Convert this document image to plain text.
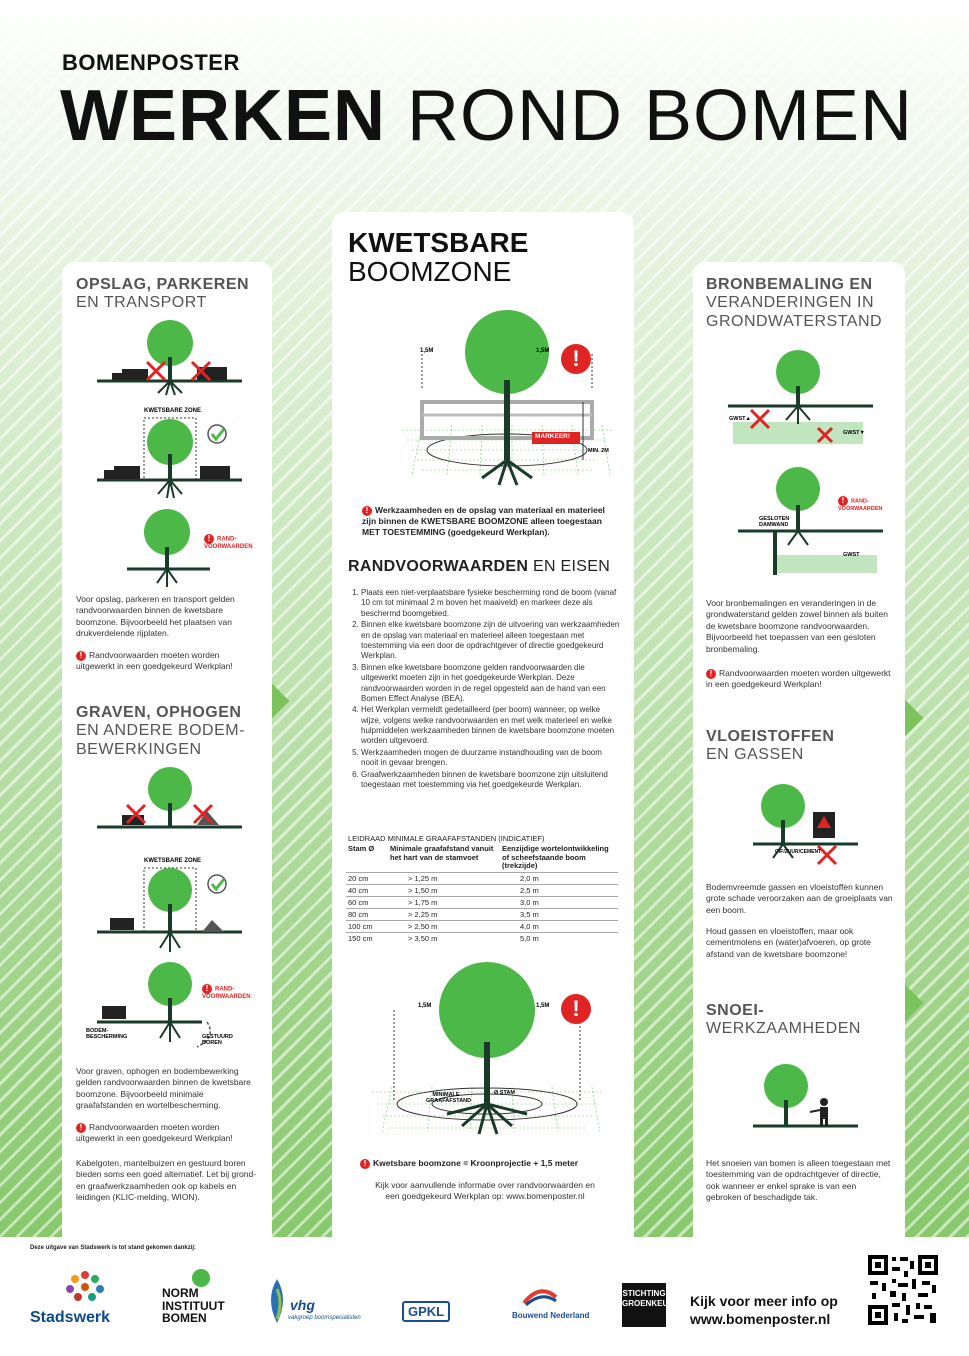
BOMENPOSTER
WERKEN ROND BOMEN
OPSLAG, PARKEREN
EN TRANSPORT
KWETSBARE ZONE
! RAND-VOORWAARDEN
Voor opslag, parkeren en transport gelden randvoorwaarden binnen de kwetsbare boomzone. Bijvoorbeeld het plaatsen van drukverdelende rijplaten.
! Randvoorwaarden moeten worden uitgewerkt in een goedgekeurd Werkplan!
GRAVEN, OPHOGEN
EN ANDERE BODEM-BEWERKINGEN
KWETSBARE ZONE
! RAND-VOORWAARDEN
BODEM-BESCHERMING	GESTUURD BOREN
Voor graven, ophogen en bodembewerking gelden randvoorwaarden binnen de kwetsbare boomzone. Bijvoorbeeld minimale graafafstanden en wortelbescherming.
! Randvoorwaarden moeten worden uitgewerkt in een goedgekeurd Werkplan!
Kabelgoten, mantelbuizen en gestuurd boren bieden soms een goed alternatief. Let bij grond- en graafwerkzaamheden ook op kabels en leidingen (KLIC-melding, WION).
KWETSBARE
BOOMZONE
1,5M	1,5M	!
MARKEER!
MIN. 2M
! Werkzaamheden en de opslag van materiaal en materieel zijn binnen de KWETSBARE BOOMZONE alleen toegestaan MET TOESTEMMING (goedgekeurd Werkplan).
RANDVOORWAARDEN EN EISEN
1. Plaats een niet-verplaatsbare fysieke bescherming rond de boom (vanaf 10 cm tot minimaal 2 m boven het maaiveld) en markeer deze als beschermd boomgebied.
2. Binnen elke kwetsbare boomzone zijn de uitvoering van werkzaamheden en de opslag van materiaal en materieel alleen toegestaan met toestemming via een door de opdrachtgever of directie goedgekeurd Werkplan.
3. Binnen elke kwetsbare boomzone gelden randvoorwaarden die uitgewerkt moeten zijn in het goedgekeurde Werkplan. Deze randvoorwaarden worden in de regel opgesteld aan de hand van een Bomen Effect Analyse (BEA).
4. Het Werkplan vermeldt gedetailleerd (per boom) wanneer, op welke wijze, volgens welke randvoorwaarden en met welk materieel en welke hulpmiddelen werkzaamheden binnen de kwetsbare boomzone moeten worden uitgevoerd.
5. Werkzaamheden mogen de duurzame instandhouding van de boom nooit in gevaar brengen.
6. Graafwerkzaamheden binnen de kwetsbare boomzone zijn uitsluitend toegestaan met toestemming via het goedgekeurde Werkplan.
LEIDRAAD MINIMALE GRAAFAFSTANDEN (INDICATIEF)
Stam Ø	Minimale graafafstand vanuit het hart van de stamvoet	Eenzijdige wortelontwikkeling of scheefstaande boom (trekzijde)
20 cm	> 1,25 m	2,0 m
40 cm	> 1,50 m	2,5 m
60 cm	> 1,75 m	3,0 m
80 cm	> 2,25 m	3,5 m
100 cm	> 2,50 m	4,0 m
150 cm	> 3,50 m	5,0 m
1,5M	1,5M	!
MINIMALE GRAAFAFSTAND
Ø STAM
! Kwetsbare boomzone = Kroonprojectie + 1,5 meter
Kijk voor aanvullende informatie over randvoorwaarden en een goedgekeurd Werkplan op: www.bomenposter.nl
BRONBEMALING EN
VERANDERINGEN IN GRONDWATERSTAND
GWST▲
GWST▼
! RAND-VOORWAARDEN
GESLOTEN DAMWAND
GWST
Voor bronbemalingen en veranderingen in de grondwaterstand gelden zowel binnen als buiten de kwetsbare boomzone randvoorwaarden. Bijvoorbeeld het toepassen van een gesloten bronbemaling.
! Randvoorwaarden moeten worden uitgewerkt in een goedgekeurd Werkplan!
VLOEISTOFFEN
EN GASSEN
GIF/ZUUR/CEMENT
Bodemvreemde gassen en vloeistoffen kunnen grote schade veroorzaken aan de groeiplaats van een boom.
Houd gassen en vloeistoffen, maar ook cementmolens en (water)afvoeren, op grote afstand van de kwetsbare boomzone!
SNOEI-
WERKZAAMHEDEN
Het snoeien van bomen is alleen toegestaan met toestemming van de opdrachtgever of directie, ook wanneer er enkel sprake is van een gebroken of beschadigde tak.
Deze uitgave van Stadswerk is tot stand gekomen dankzij:
Stadswerk
NORM INSTITUUT BOMEN
vhg
vakgroep boomspecialisten	GPKL	Bouwend Nederland
STICHTING GROENKEUR Kijk voor meer info op
www.bomenposter.nl
